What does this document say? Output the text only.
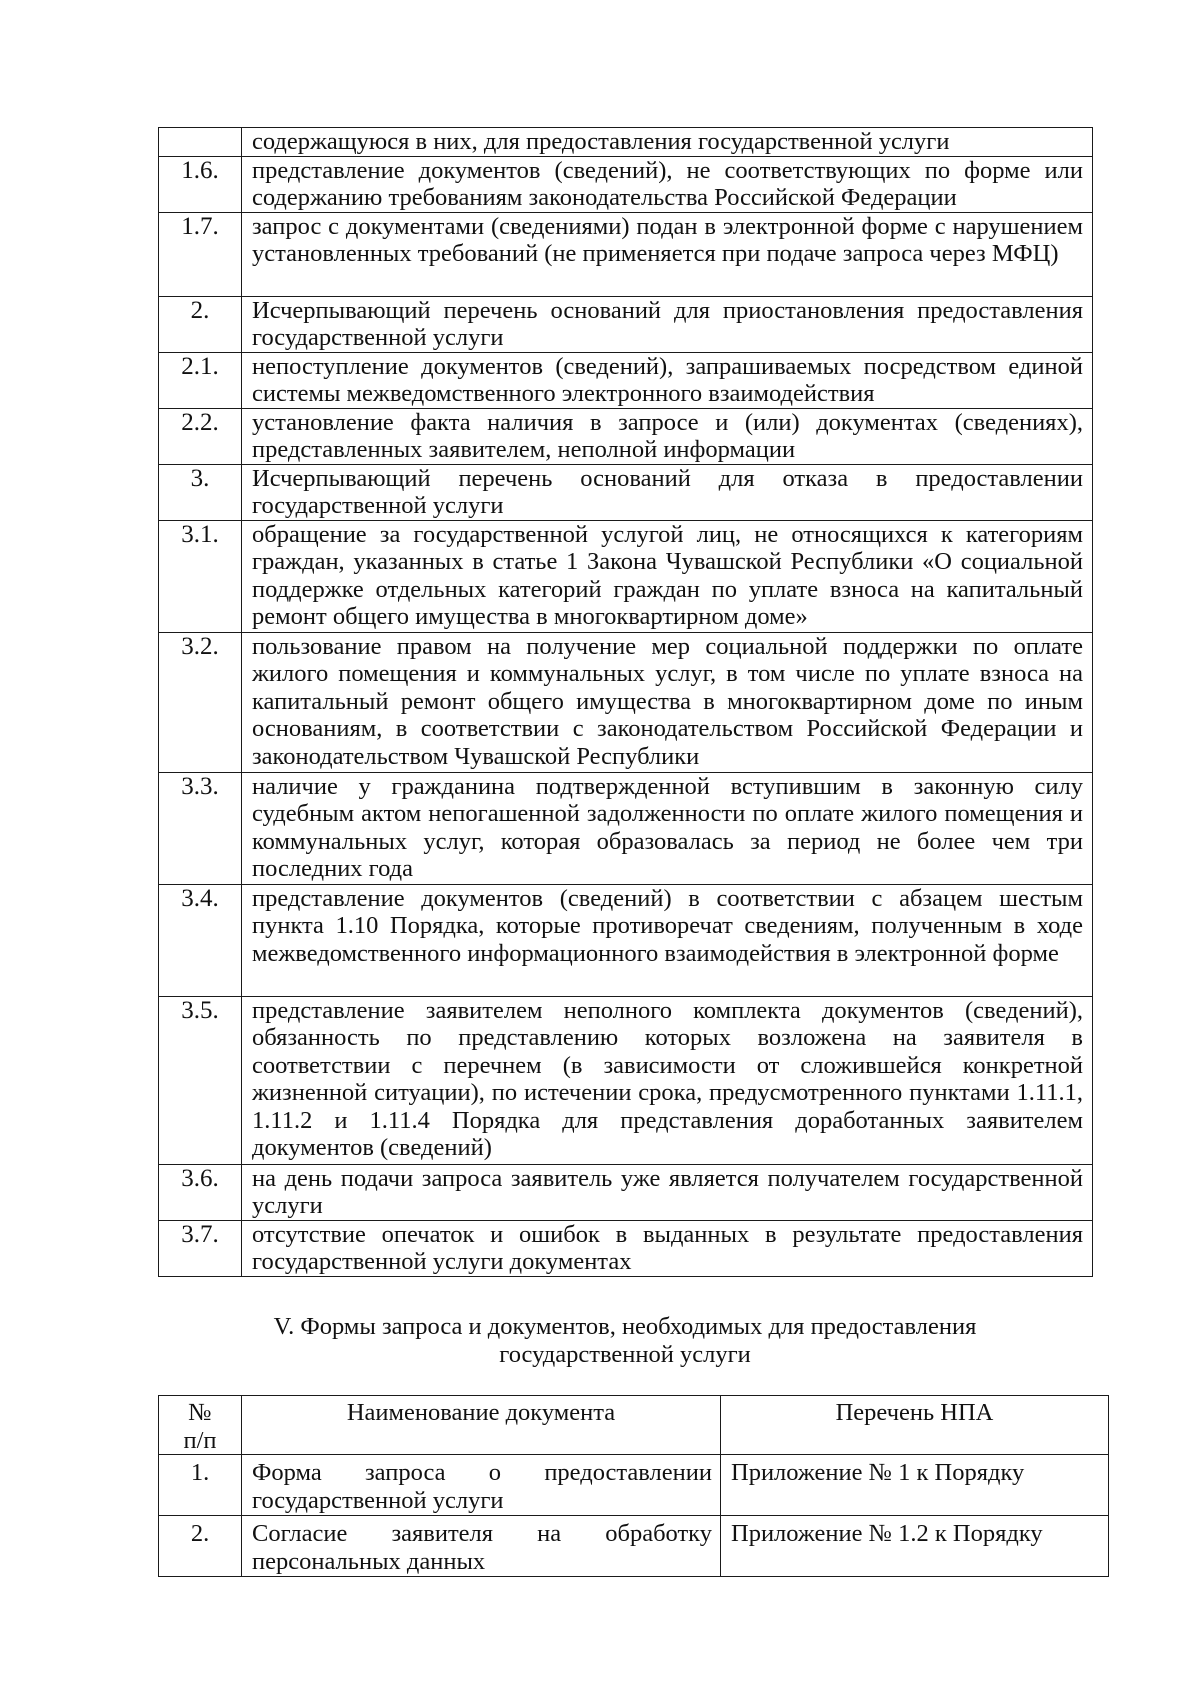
	содержащуюся в них, для предоставления государственной услуги
1.6.	представление документов (сведений), не соответствующих по форме или содержанию требованиям законодательства Российской Федерации
1.7.	запрос с документами (сведениями) подан в электронной форме с нарушением установленных требований (не применяется при подаче запроса через МФЦ)
2.	Исчерпывающий перечень оснований для приостановления предоставления государственной услуги
2.1.	непоступление документов (сведений), запрашиваемых посредством единой системы межведомственного электронного взаимодействия
2.2.	установление факта наличия в запросе и (или) документах (сведениях), представленных заявителем, неполной информации
3.	Исчерпывающий перечень оснований для отказа в предоставлении государственной услуги
3.1.	обращение за государственной услугой лиц, не относящихся к категориям граждан, указанных в статье 1 Закона Чувашской Республики «О социальной поддержке отдельных категорий граждан по уплате взноса на капитальный ремонт общего имущества в многоквартирном доме»
3.2.	пользование правом на получение мер социальной поддержки по оплате жилого помещения и коммунальных услуг, в том числе по уплате взноса на капитальный ремонт общего имущества в многоквартирном доме по иным основаниям, в соответствии с законодательством Российской Федерации и законодательством Чувашской Республики
3.3.	наличие у гражданина подтвержденной вступившим в законную силу судебным актом непогашенной задолженности по оплате жилого помещения и коммунальных услуг, которая образовалась за период не более чем три последних года
3.4.	представление документов (сведений) в соответствии с абзацем шестым пункта 1.10 Порядка, которые противоречат сведениям, полученным в ходе межведомственного информационного взаимодействия в электронной форме
3.5.	представление заявителем неполного комплекта документов (сведений), обязанность по представлению которых возложена на заявителя в соответствии с перечнем (в зависимости от сложившейся конкретной жизненной ситуации), по истечении срока, предусмотренного пунктами 1.11.1, 1.11.2 и 1.11.4 Порядка для представления доработанных заявителем документов (сведений)
3.6.	на день подачи запроса заявитель уже является получателем государственной услуги
3.7.	отсутствие опечаток и ошибок в выданных в результате предоставления государственной услуги документах
V. Формы запроса и документов, необходимых для предоставления
государственной услуги
№
п/п	Наименование документа	Перечень НПА
1.	Форма запроса о предоставлении государственной услуги	Приложение № 1 к Порядку
2.	Согласие заявителя на обработку персональных данных	Приложение № 1.2 к Порядку
